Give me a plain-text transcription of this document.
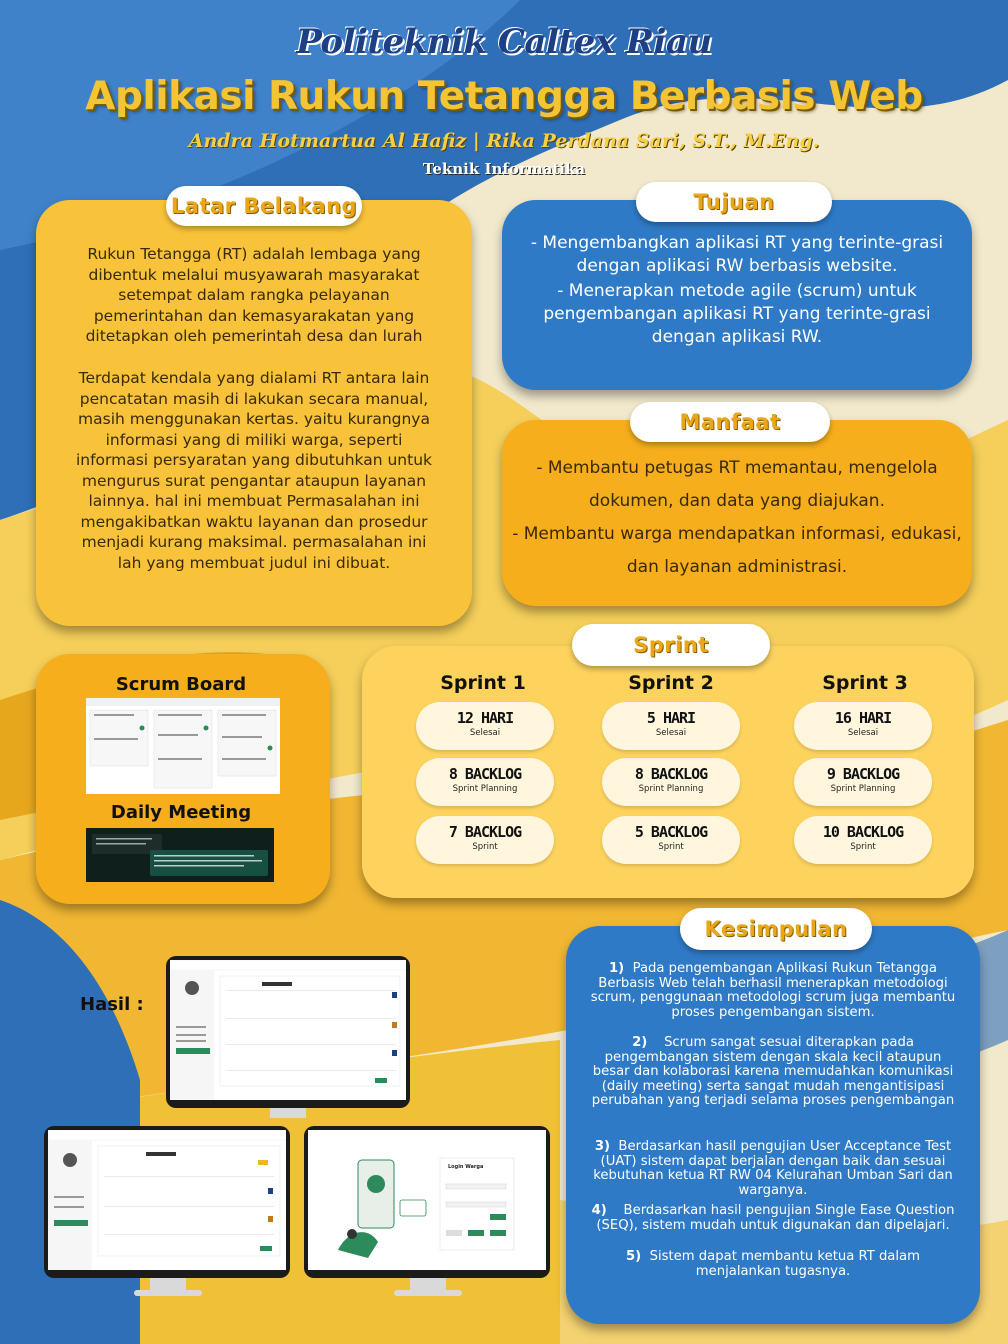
Politeknik Caltex Riau
Aplikasi Rukun Tetangga Berbasis Web
Andra Hotmartua Al Hafiz | Rika Perdana Sari, S.T., M.Eng.
Teknik Informatika
Rukun Tetangga (RT) adalah lembaga yang dibentuk melalui musyawarah masyarakat setempat dalam rangka pelayanan pemerintahan dan kemasyarakatan yang ditetapkan oleh pemerintah desa dan lurah
Terdapat kendala yang dialami RT antara lain pencatatan masih di lakukan secara manual, masih menggunakan kertas. yaitu kurangnya informasi yang di miliki warga, seperti informasi persyaratan yang dibutuhkan untuk mengurus surat pengantar ataupun layanan lainnya. hal ini membuat Permasalahan ini mengakibatkan waktu layanan dan prosedur menjadi kurang maksimal. permasalahan ini lah yang membuat judul ini dibuat.
Latar Belakang
- Mengembangkan aplikasi RT yang terinte-grasi dengan aplikasi RW berbasis website.
- Menerapkan metode agile (scrum) untuk pengembangan aplikasi RT yang terinte-grasi dengan aplikasi RW.
Tujuan
- Membantu petugas RT memantau, mengelola dokumen, dan data yang diajukan.
- Membantu warga mendapatkan informasi, edukasi, dan layanan administrasi.
Manfaat
Scrum Board
Daily Meeting
Sprint 1	Sprint 2	Sprint 3
12 HARI
Selesai
8 BACKLOG
Sprint Planning
7 BACKLOG
Sprint
5 HARI
Selesai
8 BACKLOG
Sprint Planning
5 BACKLOG
Sprint
16 HARI
Selesai
9 BACKLOG
Sprint Planning
10 BACKLOG
Sprint
Sprint
Hasil :
Login Warga
1) Pada pengembangan Aplikasi Rukun Tetangga Berbasis Web telah berhasil menerapkan metodologi scrum, penggunaan metodologi scrum juga membantu proses pengembangan sistem.
2) Scrum sangat sesuai diterapkan pada pengembangan sistem dengan skala kecil ataupun besar dan kolaborasi karena memudahkan komunikasi (daily meeting) serta sangat mudah mengantisipasi perubahan yang terjadi selama proses pengembangan
3) Berdasarkan hasil pengujian User Acceptance Test (UAT) sistem dapat berjalan dengan baik dan sesuai kebutuhan ketua RT RW 04 Kelurahan Umban Sari dan warganya.
4) Berdasarkan hasil pengujian Single Ease Question (SEQ), sistem mudah untuk digunakan dan dipelajari.
5) Sistem dapat membantu ketua RT dalam menjalankan tugasnya.
Kesimpulan
